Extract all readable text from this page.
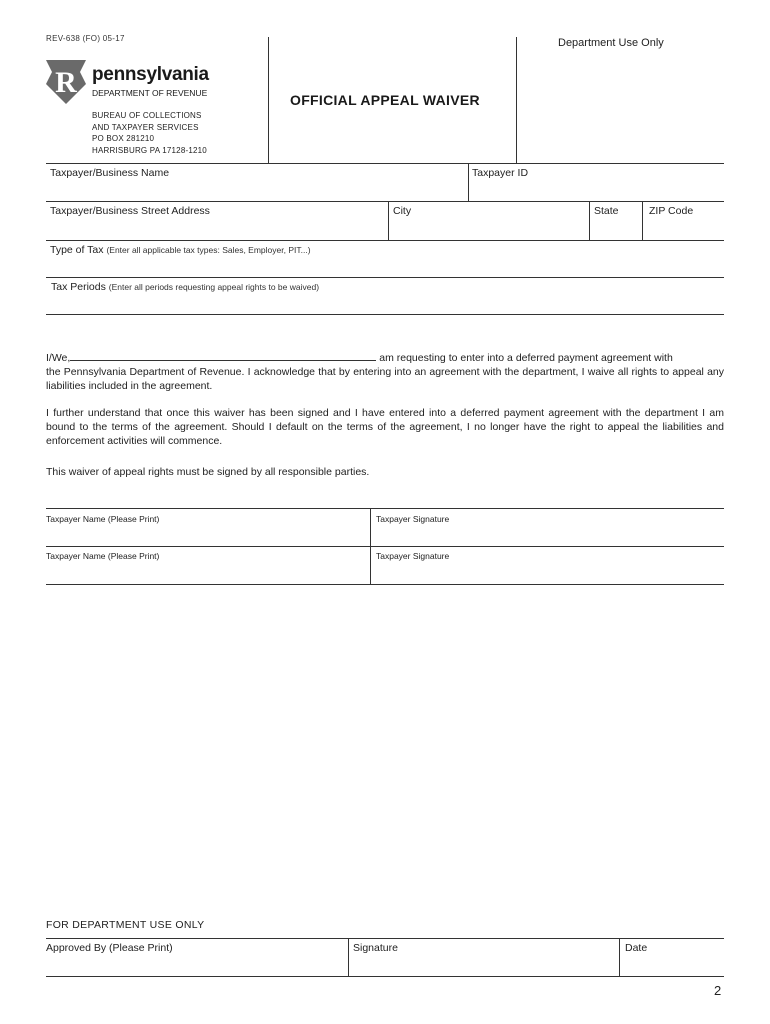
REV-638 (FO) 05-17	Department Use Only
R pennsylvania
DEPARTMENT OF REVENUE
BUREAU OF COLLECTIONS
AND TAXPAYER SERVICES
PO BOX 281210
HARRISBURG PA 17128-1210
OFFICIAL APPEAL WAIVER
Taxpayer/Business Name	Taxpayer ID
Taxpayer/Business Street Address	City	State	ZIP Code
Type of Tax (Enter all applicable tax types: Sales, Employer, PIT...)
Tax Periods (Enter all periods requesting appeal rights to be waived)
I/We,	am requesting to enter into a deferred payment agreement with
the Pennsylvania Department of Revenue. I acknowledge that by entering into an agreement with the department, I waive all rights to appeal any liabilities included in the agreement.
I further understand that once this waiver has been signed and I have entered into a deferred payment agreement with the department I am bound to the terms of the agreement. Should I default on the terms of the agreement, I no longer have the right to appeal the liabilities and enforcement activities will commence.
This waiver of appeal rights must be signed by all responsible parties.
Taxpayer Name (Please Print)	Taxpayer Signature
Taxpayer Name (Please Print)	Taxpayer Signature
FOR DEPARTMENT USE ONLY
Approved By (Please Print)	Signature	Date
2
